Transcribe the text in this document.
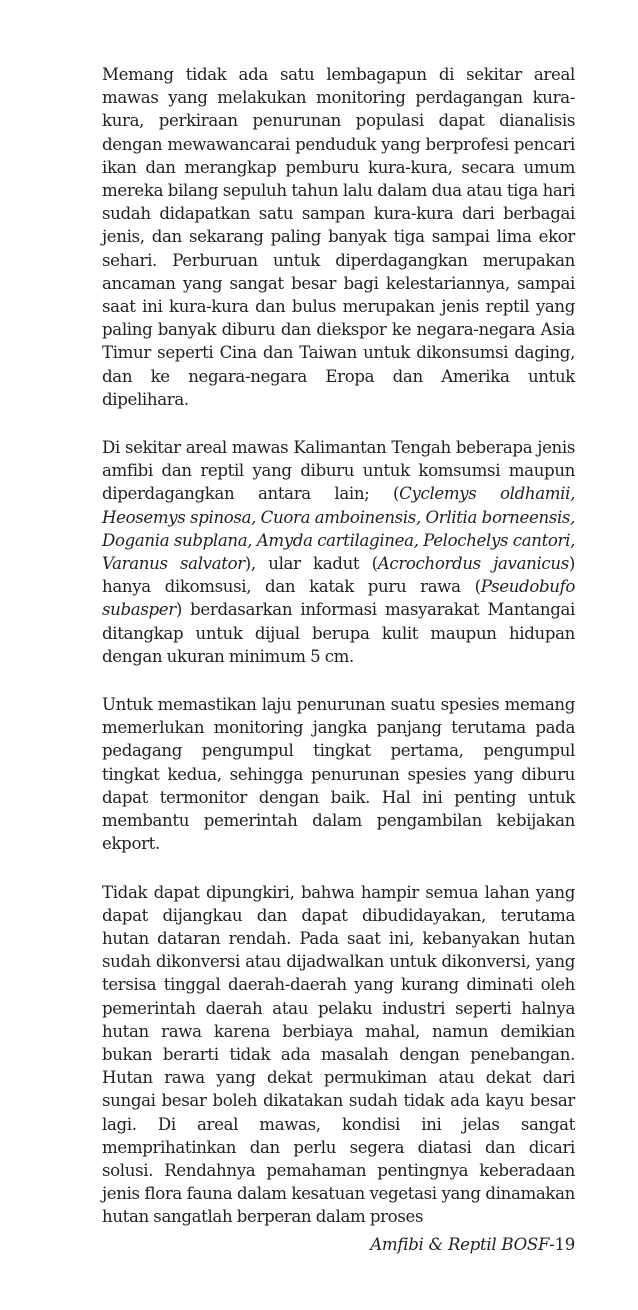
Memang tidak ada satu lembagapun di sekitar areal mawas yang melakukan monitoring perdagangan kura-kura, perkiraan penurunan populasi dapat dianalisis dengan mewawancarai penduduk yang berprofesi pencari ikan dan merangkap pemburu kura-kura, secara umum mereka bilang sepuluh tahun lalu dalam dua atau tiga hari sudah didapatkan satu sampan kura-kura dari berbagai jenis, dan sekarang paling banyak tiga sampai lima ekor sehari. Perburuan untuk diperdagangkan merupakan ancaman yang sangat besar bagi kelestariannya, sampai saat ini kura-kura dan bulus merupakan jenis reptil yang paling banyak diburu dan diekspor ke negara-negara Asia Timur seperti Cina dan Taiwan untuk dikonsumsi daging, dan ke negara-negara Eropa dan Amerika untuk dipelihara.

Di sekitar areal mawas Kalimantan Tengah beberapa jenis amfibi dan reptil yang diburu untuk komsumsi maupun diperdagangkan antara lain; (Cyclemys oldhamii, Heosemys spinosa, Cuora amboinensis, Orlitia borneensis, Dogania subplana, Amyda cartilaginea, Pelochelys cantori, Varanus salvator), ular kadut (Acrochordus javanicus) hanya dikomsusi, dan katak puru rawa (Pseudobufo subasper) berdasarkan informasi masyarakat Mantangai ditangkap untuk dijual berupa kulit maupun hidupan dengan ukuran minimum 5 cm.

Untuk memastikan laju penurunan suatu spesies memang memerlukan monitoring jangka panjang terutama pada pedagang pengumpul tingkat pertama, pengumpul tingkat kedua, sehingga penurunan spesies yang diburu dapat termonitor dengan baik. Hal ini penting untuk membantu pemerintah dalam pengambilan kebijakan ekport.

Tidak dapat dipungkiri, bahwa hampir semua lahan yang dapat dijangkau dan dapat dibudidayakan, terutama hutan dataran rendah. Pada saat ini, kebanyakan hutan sudah dikonversi atau dijadwalkan untuk dikonversi, yang tersisa tinggal daerah-daerah yang kurang diminati oleh pemerintah daerah atau pelaku industri seperti halnya hutan rawa karena berbiaya mahal, namun demikian bukan berarti tidak ada masalah dengan penebangan. Hutan rawa yang dekat permukiman atau dekat dari sungai besar boleh dikatakan sudah tidak ada kayu besar lagi. Di areal mawas, kondisi ini jelas sangat memprihatinkan dan perlu segera diatasi dan dicari solusi. Rendahnya pemahaman pentingnya keberadaan jenis flora fauna dalam kesatuan vegetasi yang dinamakan hutan sangatlah berperan dalam proses

Amfibi & Reptil BOSF-19
